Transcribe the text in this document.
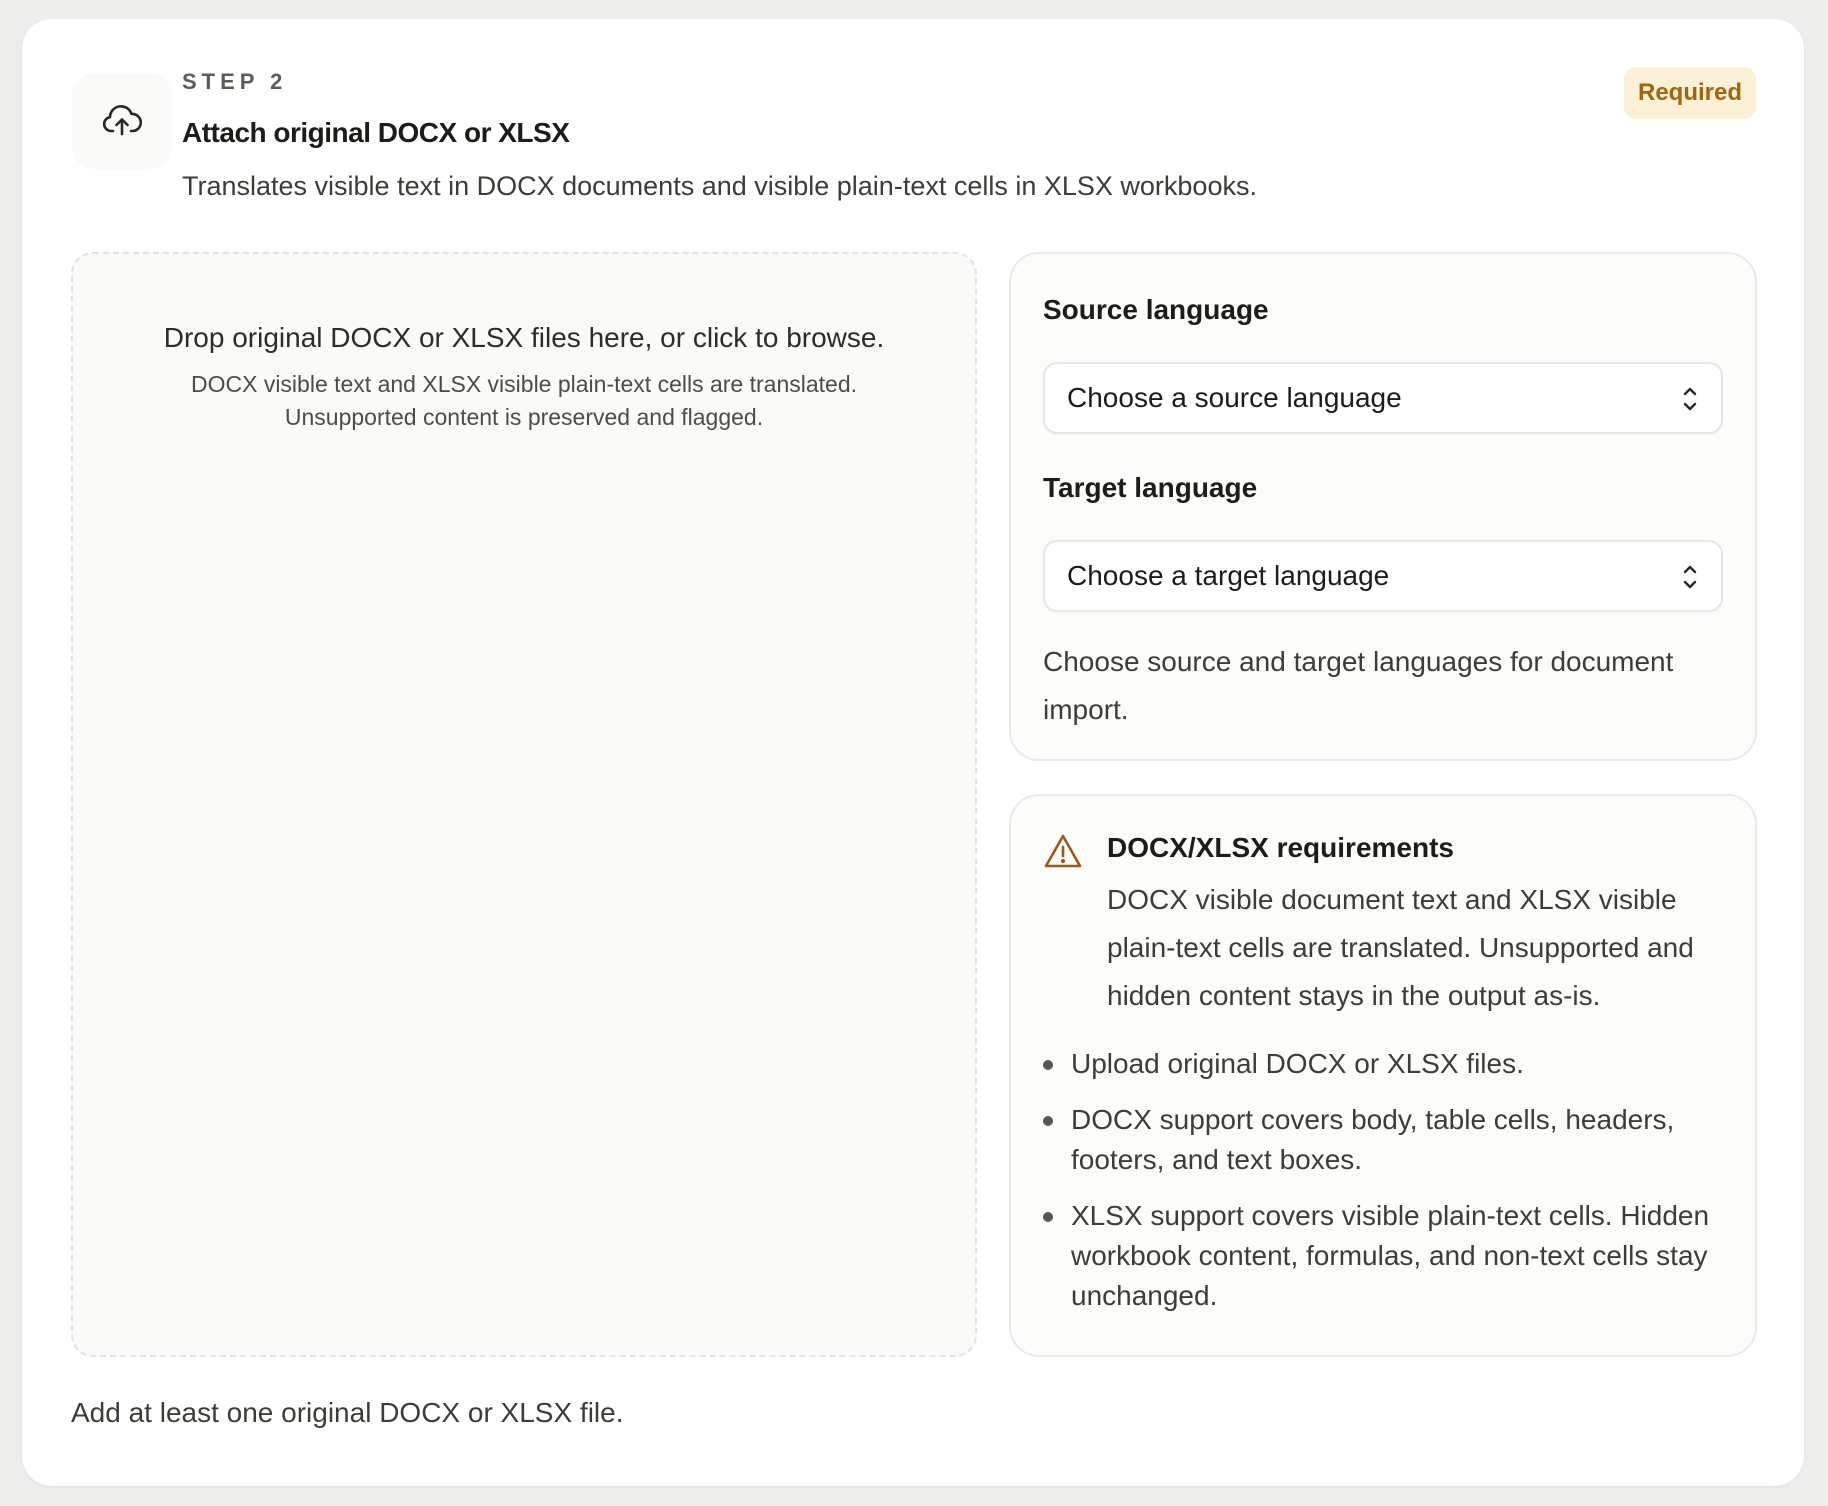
STEP 2
Attach original DOCX or XLSX
Translates visible text in DOCX documents and visible plain-text cells in XLSX workbooks.
Required
Drop original DOCX or XLSX files here, or click to browse.
DOCX visible text and XLSX visible plain-text cells are translated.
Unsupported content is preserved and flagged.
Source language
Choose a source language
Target language
Choose a target language
Choose source and target languages for document import.
DOCX/XLSX requirements
DOCX visible document text and XLSX visible plain-text cells are translated. Unsupported and hidden content stays in the output as-is.
Upload original DOCX or XLSX files.
DOCX support covers body, table cells, headers, footers, and text boxes.
XLSX support covers visible plain-text cells. Hidden workbook content, formulas, and non-text cells stay unchanged.
Add at least one original DOCX or XLSX file.
